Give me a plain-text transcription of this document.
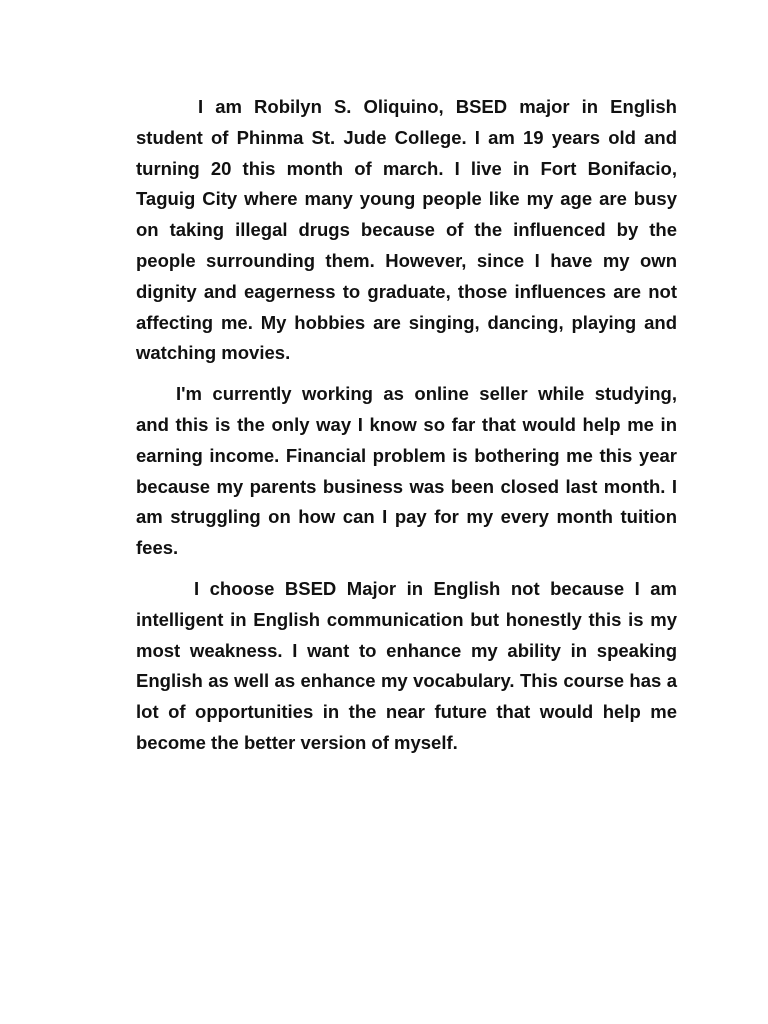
I am Robilyn S. Oliquino, BSED major in English student of Phinma St. Jude College. I am 19 years old and turning 20 this month of march. I live in Fort Bonifacio, Taguig City where many young people like my age are busy on taking illegal drugs because of the influenced by the people surrounding them. However, since I have my own dignity and eagerness to graduate, those influences are not affecting me. My hobbies are singing, dancing, playing and watching movies.

I'm currently working as online seller while studying, and this is the only way I know so far that would help me in earning income. Financial problem is bothering me this year because my parents business was been closed last month. I am struggling on how can I pay for my every month tuition fees.

I choose BSED Major in English not because I am intelligent in English communication but honestly this is my most weakness. I want to enhance my ability in speaking English as well as enhance my vocabulary. This course has a lot of opportunities in the near future that would help me become the better version of myself.
